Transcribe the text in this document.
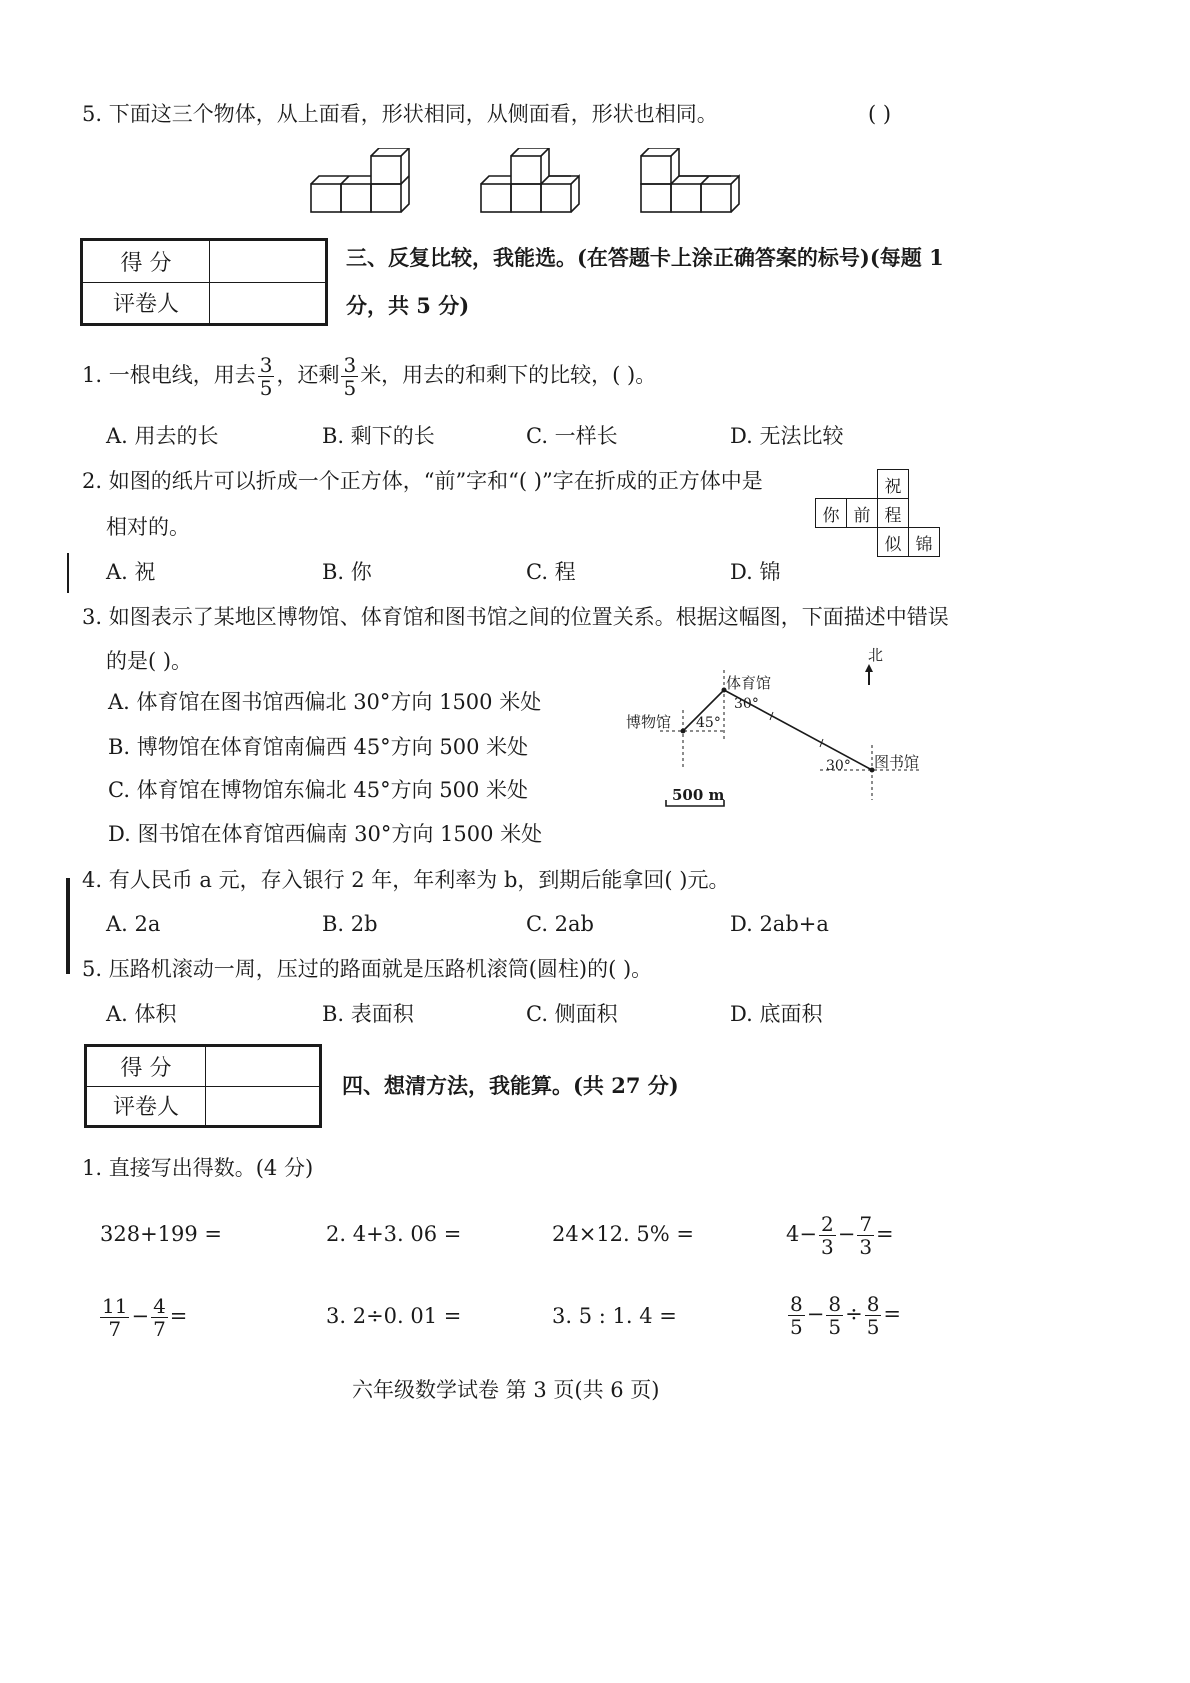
5. 下面这三个物体，从上面看，形状相同，从侧面看，形状也相同。	( )
得 分	
评卷人	
三、反复比较，我能选。(在答题卡上涂正确答案的标号)(每题 1
分，共 5 分)
1. 一根电线，用去 $\frac{3}{5}$ ，还剩 $\frac{3}{5}$ 米，用去的和剩下的比较，( )。
A. 用去的长	B. 剩下的长	C. 一样长	D. 无法比较
2. 如图的纸片可以折成一个正方体，“前”字和“( )”字在折成的正方体中是
相对的。
		祝	
你	前	程	
		似	锦
A. 祝	B. 你	C. 程	D. 锦
3. 如图表示了某地区博物馆、体育馆和图书馆之间的位置关系。根据这幅图，下面描述中错误
的是( )。
A. 体育馆在图书馆西偏北 30°方向 1500 米处
B. 博物馆在体育馆南偏西 45°方向 500 米处
C. 体育馆在博物馆东偏北 45°方向 500 米处
D. 图书馆在体育馆西偏南 30°方向 1500 米处
北
体育馆
博物馆
图书馆
45°
30°
30°
500 m
4. 有人民币 a 元，存入银行 2 年，年利率为 b，到期后能拿回( )元。
A. 2a	B. 2b	C. 2ab	D. 2ab+a
5. 压路机滚动一周，压过的路面就是压路机滚筒(圆柱)的( )。
A. 体积	B. 表面积	C. 侧面积	D. 底面积
得 分	
评卷人	
四、想清方法，我能算。(共 27 分)
1. 直接写出得数。(4 分)
328+199 =	2. 4+3. 06 =	24×12. 5% =	$4- \frac{2}{3} - \frac{7}{3}$ =
$\frac{11}{7} - \frac{4}{7}$ =	3. 2÷0. 01 =	3. 5 : 1. 4 =	$\frac{8}{5} - \frac{8}{5} \div \frac{8}{5}$ =
六年级数学试卷 第 3 页(共 6 页)
